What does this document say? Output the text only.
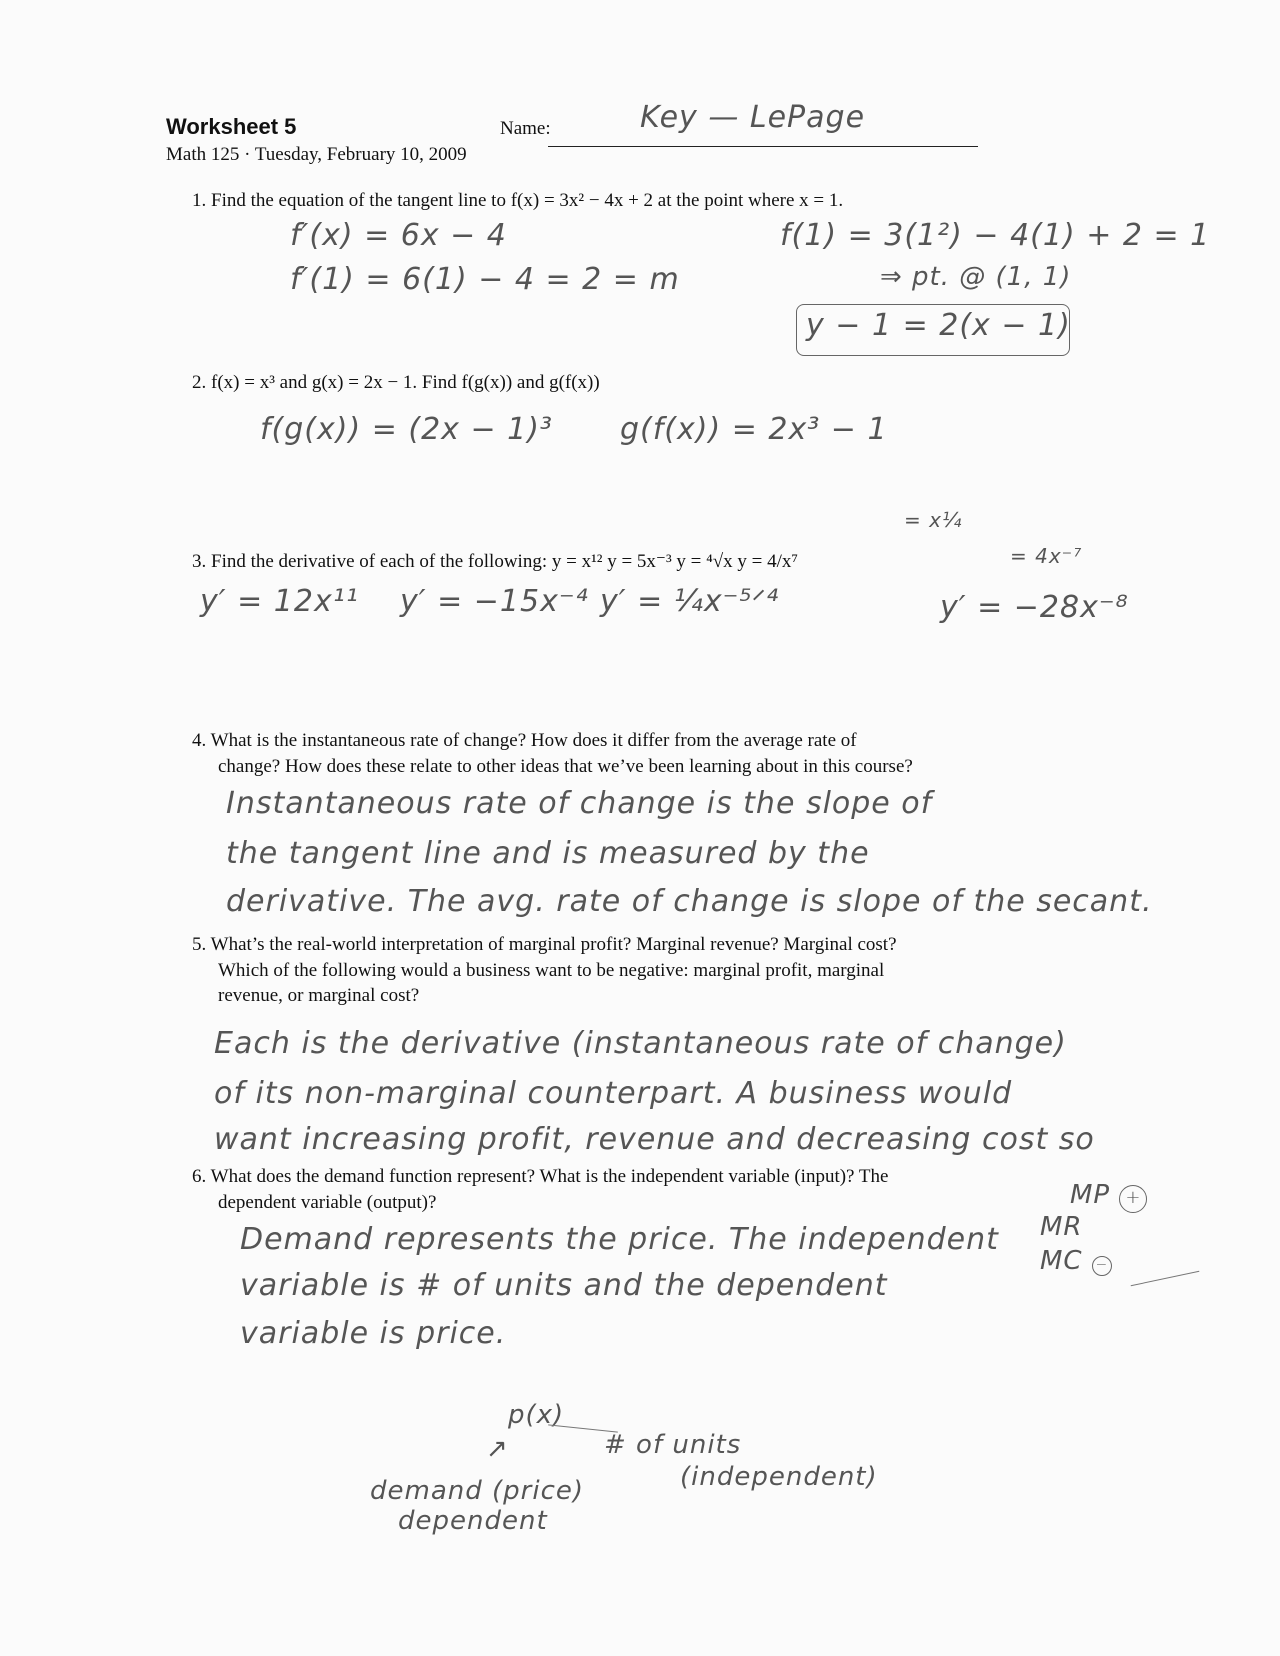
Worksheet 5
Math 125 · Tuesday, February 10, 2009
Name:	Key — LePage
1. Find the equation of the tangent line to f(x) = 3x² − 4x + 2 at the point where x = 1.
f′(x) = 6x − 4
f′(1) = 6(1) − 4 = 2 = m
f(1) = 3(1²) − 4(1) + 2 = 1
⇒ pt. @ (1, 1)
y − 1 = 2(x − 1)
2. f(x) = x³ and g(x) = 2x − 1. Find f(g(x)) and g(f(x))
f(g(x)) = (2x − 1)³ g(f(x)) = 2x³ − 1
3. Find the derivative of each of the following: y = x¹² y = 5x⁻³ y = ⁴√x y = 4/x⁷
= x¼
= 4x⁻⁷
y′ = 12x¹¹ y′ = −15x⁻⁴ y′ = ¼x⁻⁵ᐟ⁴	y′ = −28x⁻⁸
4. What is the instantaneous rate of change? How does it differ from the average rate of
change? How does these relate to other ideas that we’ve been learning about in this course?
Instantaneous rate of change is the slope of
the tangent line and is measured by the
derivative. The avg. rate of change is slope of the secant.
5. What’s the real-world interpretation of marginal profit? Marginal revenue? Marginal cost?
Which of the following would a business want to be negative: marginal profit, marginal
revenue, or marginal cost?
Each is the derivative (instantaneous rate of change)
of its non-marginal counterpart. A business would
want increasing profit, revenue and decreasing cost so
6. What does the demand function represent? What is the independent variable (input)? The
dependent variable (output)?
Demand represents the price. The independent
variable is # of units and the dependent
variable is price.
MP +
MR
MC −
p(x)
# of units
(independent)
↗
demand (price)
dependent
